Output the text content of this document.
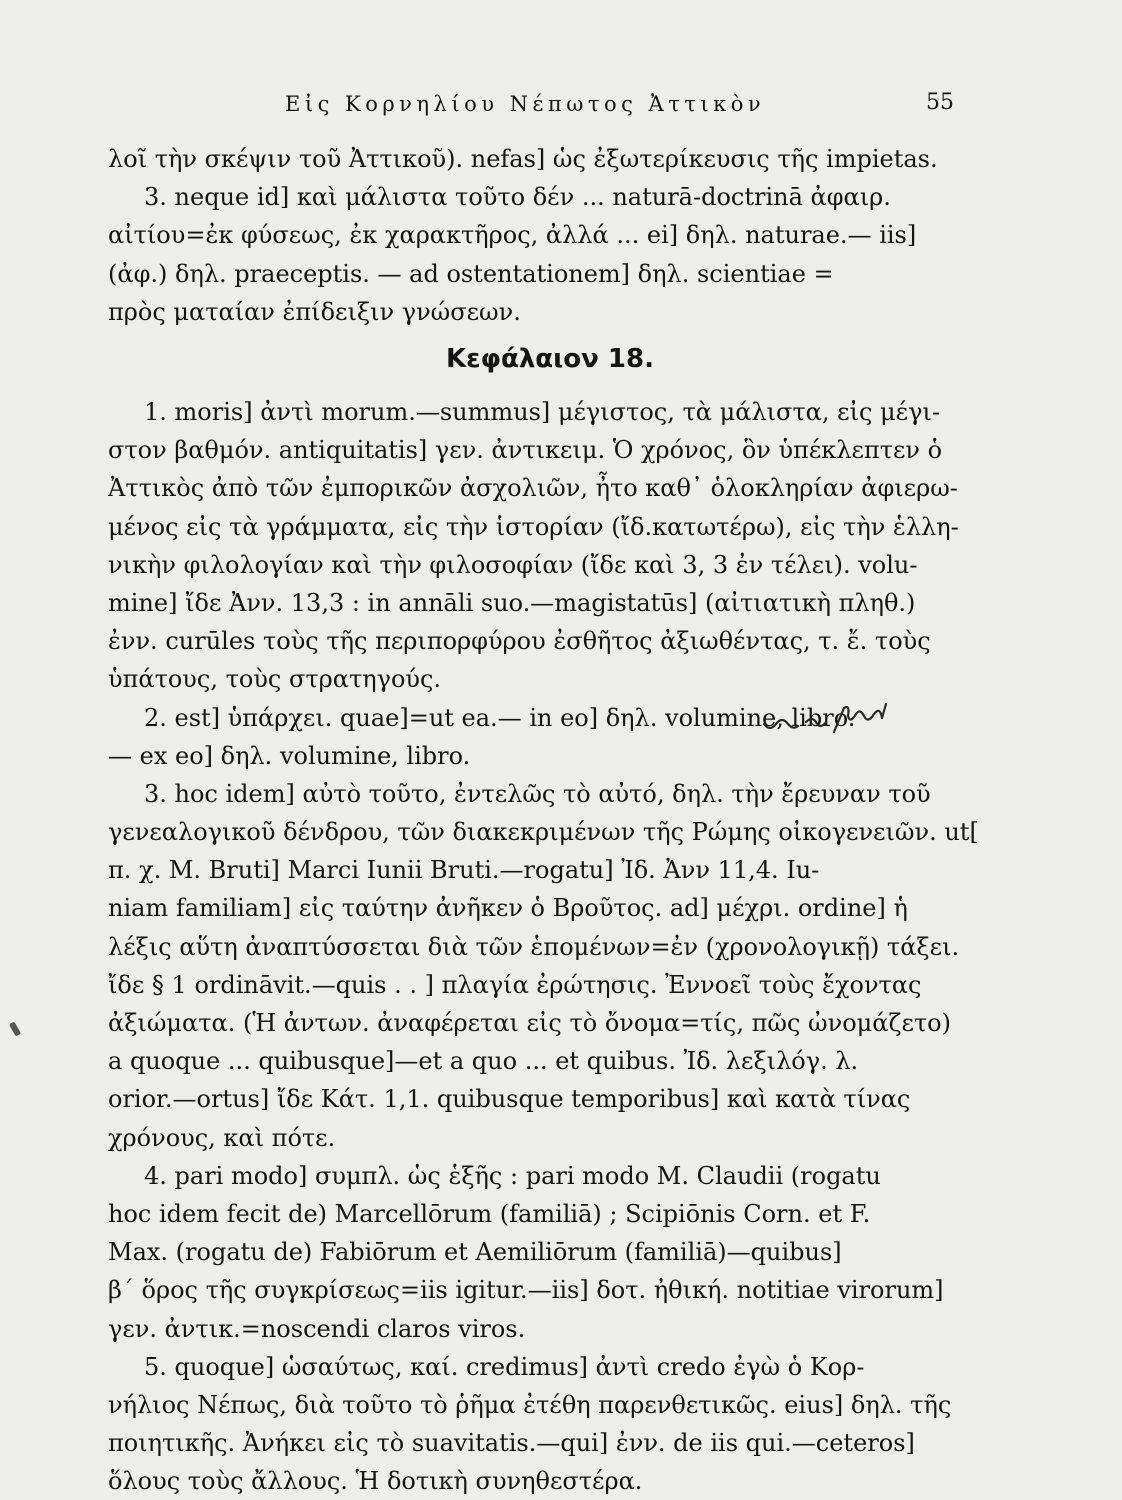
Εἰς Κορνηλίου Νέπωτος Ἀττικὸν	55
λοῖ τὴν σκέψιν τοῦ Ἀττικοῦ). nefas] ὡς ἐξωτερίκευσις τῆς impietas.
3. neque id] καὶ μάλιστα τοῦτο δέν ... naturā-doctrinā ἀφαιρ.
αἰτίου=ἐκ φύσεως, ἐκ χαρακτῆρος, ἀλλά ... ei] δηλ. naturae.— iis]
(ἀφ.) δηλ. praeceptis. — ad ostentationem] δηλ. scientiae =
πρὸς ματαίαν ἐπίδειξιν γνώσεων.
Κεφάλαιον 18.
1. moris] ἀντὶ morum.—summus] μέγιστος, τὰ μάλιστα, εἰς μέγι-
στον βαθμόν. antiquitatis] γεν. ἀντικειμ. Ὁ χρόνος, ὃν ὑπέκλεπτεν ὁ
Ἀττικὸς ἀπὸ τῶν ἐμπορικῶν ἀσχολιῶν, ἦτο καθ᾽ ὁλοκληρίαν ἀφιερω-
μένος εἰς τὰ γράμματα, εἰς τὴν ἱστορίαν (ἴδ.κατωτέρω), εἰς τὴν ἑλλη-
νικὴν φιλολογίαν καὶ τὴν φιλοσοφίαν (ἴδε καὶ 3, 3 ἐν τέλει). volu-
mine] ἴδε Ἀνν. 13,3 : in annāli suo.—magistatūs] (αἰτιατικὴ πληθ.)
ἐνν. curūles τοὺς τῆς περιπορφύρου ἐσθῆτος ἀξιωθέντας, τ. ἔ. τοὺς
ὑπάτους, τοὺς στρατηγούς.
2. est] ὑπάρχει. quae]=ut ea.— in eo] δηλ. volumine, libro.
— ex eo] δηλ. volumine, libro.
3. hoc idem] αὐτὸ τοῦτο, ἐντελῶς τὸ αὐτό, δηλ. τὴν ἔρευναν τοῦ
γενεαλογικοῦ δένδρου, τῶν διακεκριμένων τῆς Ρώμης οἰκογενειῶν. ut[
π. χ. M. Bruti] Marci Iunii Bruti.—rogatu] Ἰδ. Ἀνν 11,4. Iu-
niam familiam] εἰς ταύτην ἀνῆκεν ὁ Βροῦτος. ad] μέχρι. ordine] ἡ
λέξις αὕτη ἀναπτύσσεται διὰ τῶν ἑπομένων=ἐν (χρονολογικῇ) τάξει.
ἴδε § 1 ordināvit.—quis . . ] πλαγία ἐρώτησις. Ἐννοεῖ τοὺς ἔχοντας
ἀξιώματα. (Ἡ ἀντων. ἀναφέρεται εἰς τὸ ὄνομα=τίς, πῶς ὠνομάζετο)
a quoque ... quibusque]—et a quo ... et quibus. Ἰδ. λεξιλόγ. λ.
orior.—ortus] ἴδε Κάτ. 1,1. quibusque temporibus] καὶ κατὰ τίνας
χρόνους, καὶ πότε.
4. pari modo] συμπλ. ὡς ἑξῆς : pari modo M. Claudii (rogatu
hoc idem fecit de) Marcellōrum (familiā) ; Scipiōnis Corn. et F.
Max. (rogatu de) Fabiōrum et Aemiliōrum (familiā)—quibus]
β΄ ὅρος τῆς συγκρίσεως=iis igitur.—iis] δοτ. ἠθική. notitiae virorum]
γεν. ἀντικ.=noscendi claros viros.
5. quoque] ὡσαύτως, καί. credimus] ἀντὶ credo ἐγὼ ὁ Κορ-
νήλιος Νέπως, διὰ τοῦτο τὸ ῥῆμα ἐτέθη παρενθετικῶς. eius] δηλ. τῆς
ποιητικῆς. Ἀνήκει εἰς τὸ suavitatis.—qui] ἐνν. de iis qui.—ceteros]
ὅλους τοὺς ἄλλους. Ἡ δοτικὴ συνηθεστέρα.
